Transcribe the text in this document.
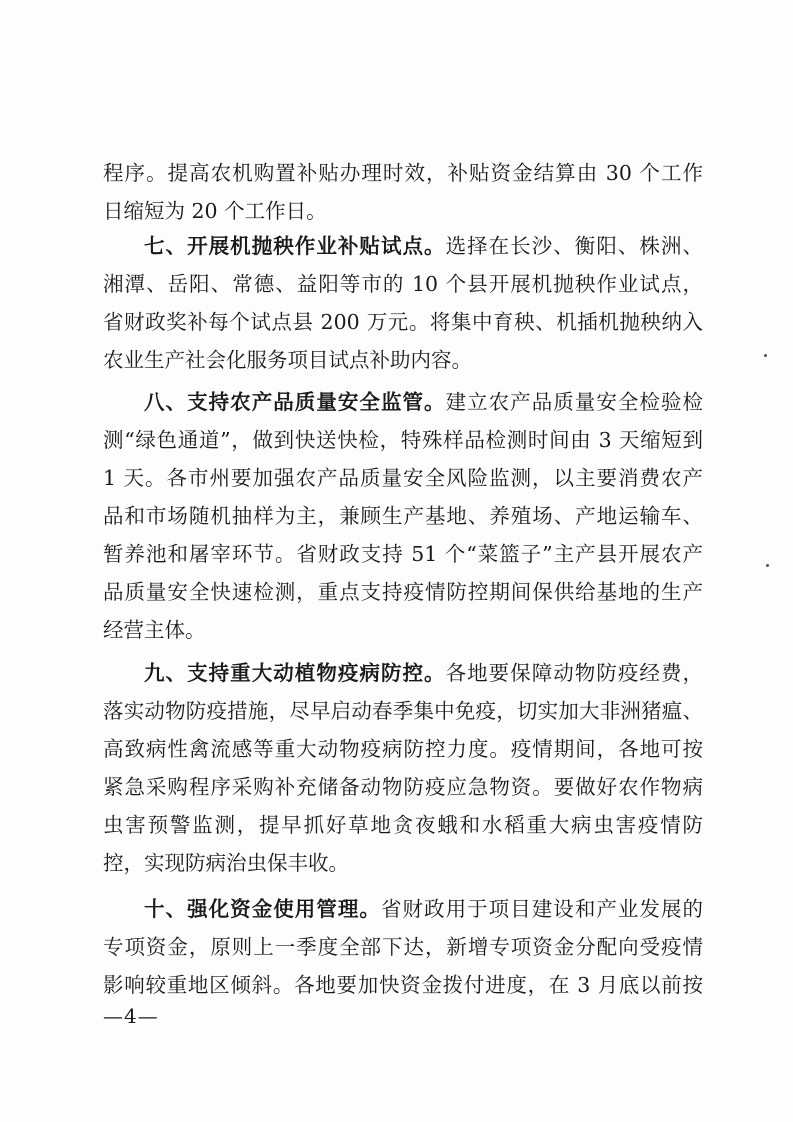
程序。提高农机购置补贴办理时效，补贴资金结算由 30 个工作
日缩短为 20 个工作日。
七、开展机抛秧作业补贴试点。选择在长沙、衡阳、株洲、
湘潭、岳阳、常德、益阳等市的 10 个县开展机抛秧作业试点，
省财政奖补每个试点县 200 万元。将集中育秧、机插机抛秧纳入
农业生产社会化服务项目试点补助内容。
八、支持农产品质量安全监管。建立农产品质量安全检验检
测“绿色通道”，做到快送快检，特殊样品检测时间由 3 天缩短到
1 天。各市州要加强农产品质量安全风险监测，以主要消费农产
品和市场随机抽样为主，兼顾生产基地、养殖场、产地运输车、
暂养池和屠宰环节。省财政支持 51 个“菜篮子”主产县开展农产
品质量安全快速检测，重点支持疫情防控期间保供给基地的生产
经营主体。
九、支持重大动植物疫病防控。各地要保障动物防疫经费，
落实动物防疫措施，尽早启动春季集中免疫，切实加大非洲猪瘟、
高致病性禽流感等重大动物疫病防控力度。疫情期间，各地可按
紧急采购程序采购补充储备动物防疫应急物资。要做好农作物病
虫害预警监测，提早抓好草地贪夜蛾和水稻重大病虫害疫情防
控，实现防病治虫保丰收。
十、强化资金使用管理。省财政用于项目建设和产业发展的
专项资金，原则上一季度全部下达，新增专项资金分配向受疫情
影响较重地区倾斜。各地要加快资金拨付进度，在 3 月底以前按
—4—
